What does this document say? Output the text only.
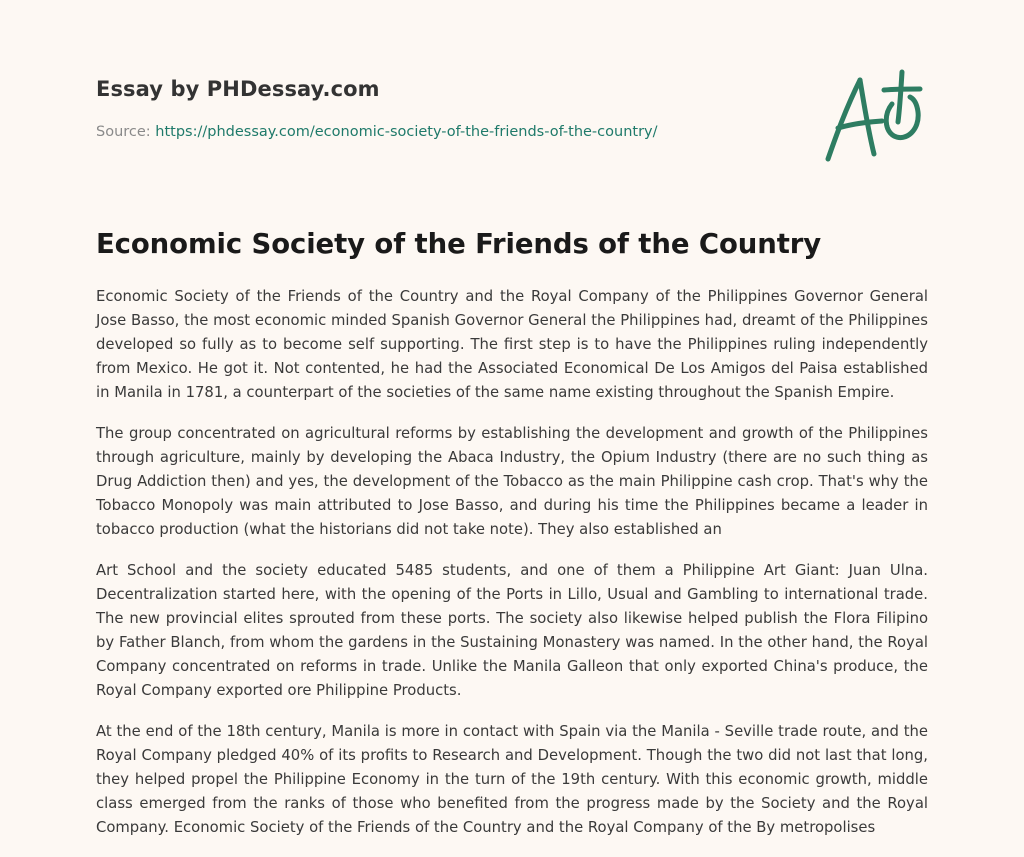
Essay by PHDessay.com
Source: https://phdessay.com/economic-society-of-the-friends-of-the-country/
Economic Society of the Friends of the Country

Economic Society of the Friends of the Country and the Royal Company of the Philippines Governor General Jose Basso, the most economic minded Spanish Governor General the Philippines had, dreamt of the Philippines developed so fully as to become self supporting. The first step is to have the Philippines ruling independently from Mexico. He got it. Not contented, he had the Associated Economical De Los Amigos del Paisa established in Manila in 1781, a counterpart of the societies of the same name existing throughout the Spanish Empire.

The group concentrated on agricultural reforms by establishing the development and growth of the Philippines through agriculture, mainly by developing the Abaca Industry, the Opium Industry (there are no such thing as Drug Addiction then) and yes, the development of the Tobacco as the main Philippine cash crop. That's why the Tobacco Monopoly was main attributed to Jose Basso, and during his time the Philippines became a leader in tobacco production (what the historians did not take note). They also established an

Art School and the society educated 5485 students, and one of them a Philippine Art Giant: Juan Ulna. Decentralization started here, with the opening of the Ports in Lillo, Usual and Gambling to international trade. The new provincial elites sprouted from these ports. The society also likewise helped publish the Flora Filipino by Father Blanch, from whom the gardens in the Sustaining Monastery was named. In the other hand, the Royal Company concentrated on reforms in trade. Unlike the Manila Galleon that only exported China's produce, the Royal Company exported ore Philippine Products.

At the end of the 18th century, Manila is more in contact with Spain via the Manila - Seville trade route, and the Royal Company pledged 40% of its profits to Research and Development. Though the two did not last that long, they helped propel the Philippine Economy in the turn of the 19th century. With this economic growth, middle class emerged from the ranks of those who benefited from the progress made by the Society and the Royal Company. Economic Society of the Friends of the Country and the Royal Company of the By metropolises
